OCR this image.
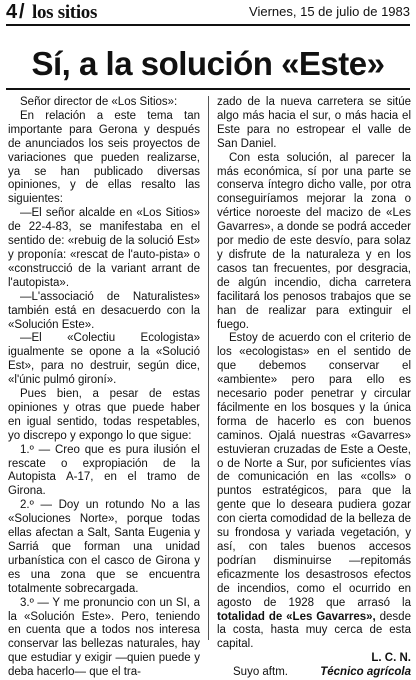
4 / los sitios	Viernes, 15 de julio de 1983
Sí, a la solución «Este»

Señor director de «Los Sitios»:

En relación a este tema tan importante para Gerona y después de anunciados los seis proyectos de variaciones que pueden realizarse, ya se han publicado diversas opiniones, y de ellas resalto las siguientes:

—El señor alcalde en «Los Sitios» de 22-4-83, se manifestaba en el sentido de: «rebuig de la solució Est» y proponía: «rescat de l'auto-pista» o «construcció de la variant arrant de l'autopista».

—L'associació de Naturalistes» también está en desacuerdo con la «Solución Este».

—El «Colectiu Ecologista» igualmente se opone a la «Solució Est», para no destruir, según dice, «l'únic pulmó gironí».

Pues bien, a pesar de estas opiniones y otras que puede haber en igual sentido, todas respetables, yo discrepo y expongo lo que sigue:

1.º — Creo que es pura ilusión el rescate o expropiación de la Autopista A-17, en el tramo de Girona.

2.º — Doy un rotundo No a las «Soluciones Norte», porque todas ellas afectan a Salt, Santa Eugenia y Sarriá que forman una unidad urbanística con el casco de Girona y es una zona que se encuentra totalmente sobrecargada.

3.º — Y me pronuncio con un SI, a la «Solución Este». Pero, teniendo en cuenta que a todos nos interesa conservar las bellezas naturales, hay que estudiar y exigir —quien puede y deba hacerlo— que el tra-

zado de la nueva carretera se sitúe algo más hacia el sur, o más hacia el Este para no estropear el valle de San Daniel.

Con esta solución, al parecer la más económica, sí por una parte se conserva íntegro dicho valle, por otra conseguiríamos mejorar la zona o vértice noroeste del macizo de «Les Gavarres», a donde se podrá acceder por medio de este desvío, para solaz y disfrute de la naturaleza y en los casos tan frecuentes, por desgracia, de algún incendio, dicha carretera facilitará los penosos trabajos que se han de realizar para extinguir el fuego.

Estoy de acuerdo con el criterio de los «ecologistas» en el sentido de que debemos conservar el «ambiente» pero para ello es necesario poder penetrar y circular fácilmente en los bosques y la única forma de hacerlo es con buenos caminos. Ojalá nuestras «Gavarres» estuvieran cruzadas de Este a Oeste, o de Norte a Sur, por suficientes vías de comunicación en las «colls» o puntos estratégicos, para que la gente que lo deseara pudiera gozar con cierta comodidad de la belleza de su frondosa y variada vegetación, y así, con tales buenos accesos podrían disminuirse —repitomás eficazmente los desastrosos efectos de incendios, como el ocurrido en agosto de 1928 que arrasó la totalidad de «Les Gavarres», desde la costa, hasta muy cerca de esta capital.

L. C. N.

Suyo aftm.	Técnico agrícola
